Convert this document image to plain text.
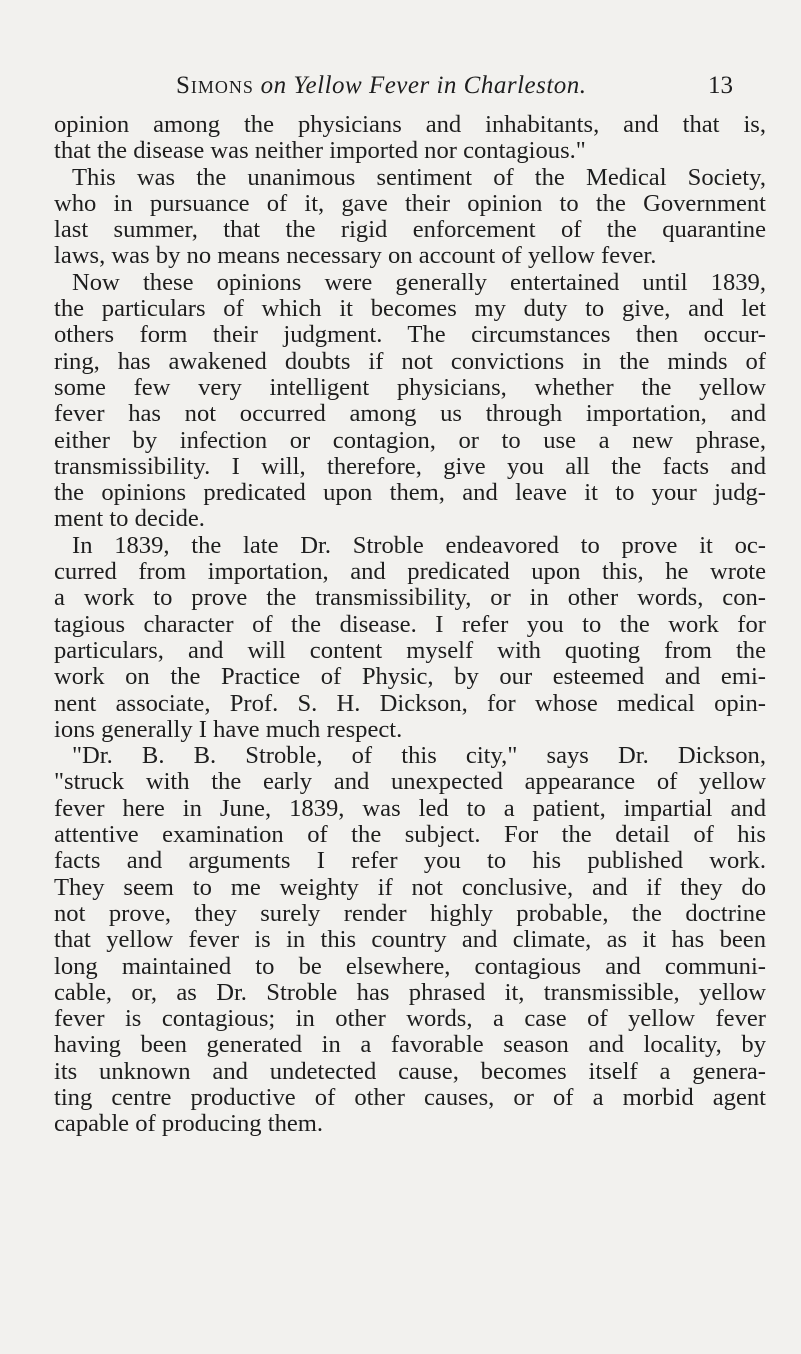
Simons on Yellow Fever in Charleston.	13
opinion among the physicians and inhabitants, and that is,
that the disease was neither imported nor contagious."
This was the unanimous sentiment of the Medical Society,
who in pursuance of it, gave their opinion to the Government
last summer, that the rigid enforcement of the quarantine
laws, was by no means necessary on account of yellow fever.
Now these opinions were generally entertained until 1839,
the particulars of which it becomes my duty to give, and let
others form their judgment. The circumstances then occur-
ring, has awakened doubts if not convictions in the minds of
some few very intelligent physicians, whether the yellow
fever has not occurred among us through importation, and
either by infection or contagion, or to use a new phrase,
transmissibility. I will, therefore, give you all the facts and
the opinions predicated upon them, and leave it to your judg-
ment to decide.
In 1839, the late Dr. Stroble endeavored to prove it oc-
curred from importation, and predicated upon this, he wrote
a work to prove the transmissibility, or in other words, con-
tagious character of the disease. I refer you to the work for
particulars, and will content myself with quoting from the
work on the Practice of Physic, by our esteemed and emi-
nent associate, Prof. S. H. Dickson, for whose medical opin-
ions generally I have much respect.
"Dr. B. B. Stroble, of this city," says Dr. Dickson,
"struck with the early and unexpected appearance of yellow
fever here in June, 1839, was led to a patient, impartial and
attentive examination of the subject. For the detail of his
facts and arguments I refer you to his published work.
They seem to me weighty if not conclusive, and if they do
not prove, they surely render highly probable, the doctrine
that yellow fever is in this country and climate, as it has been
long maintained to be elsewhere, contagious and communi-
cable, or, as Dr. Stroble has phrased it, transmissible, yellow
fever is contagious; in other words, a case of yellow fever
having been generated in a favorable season and locality, by
its unknown and undetected cause, becomes itself a genera-
ting centre productive of other causes, or of a morbid agent
capable of producing them.
